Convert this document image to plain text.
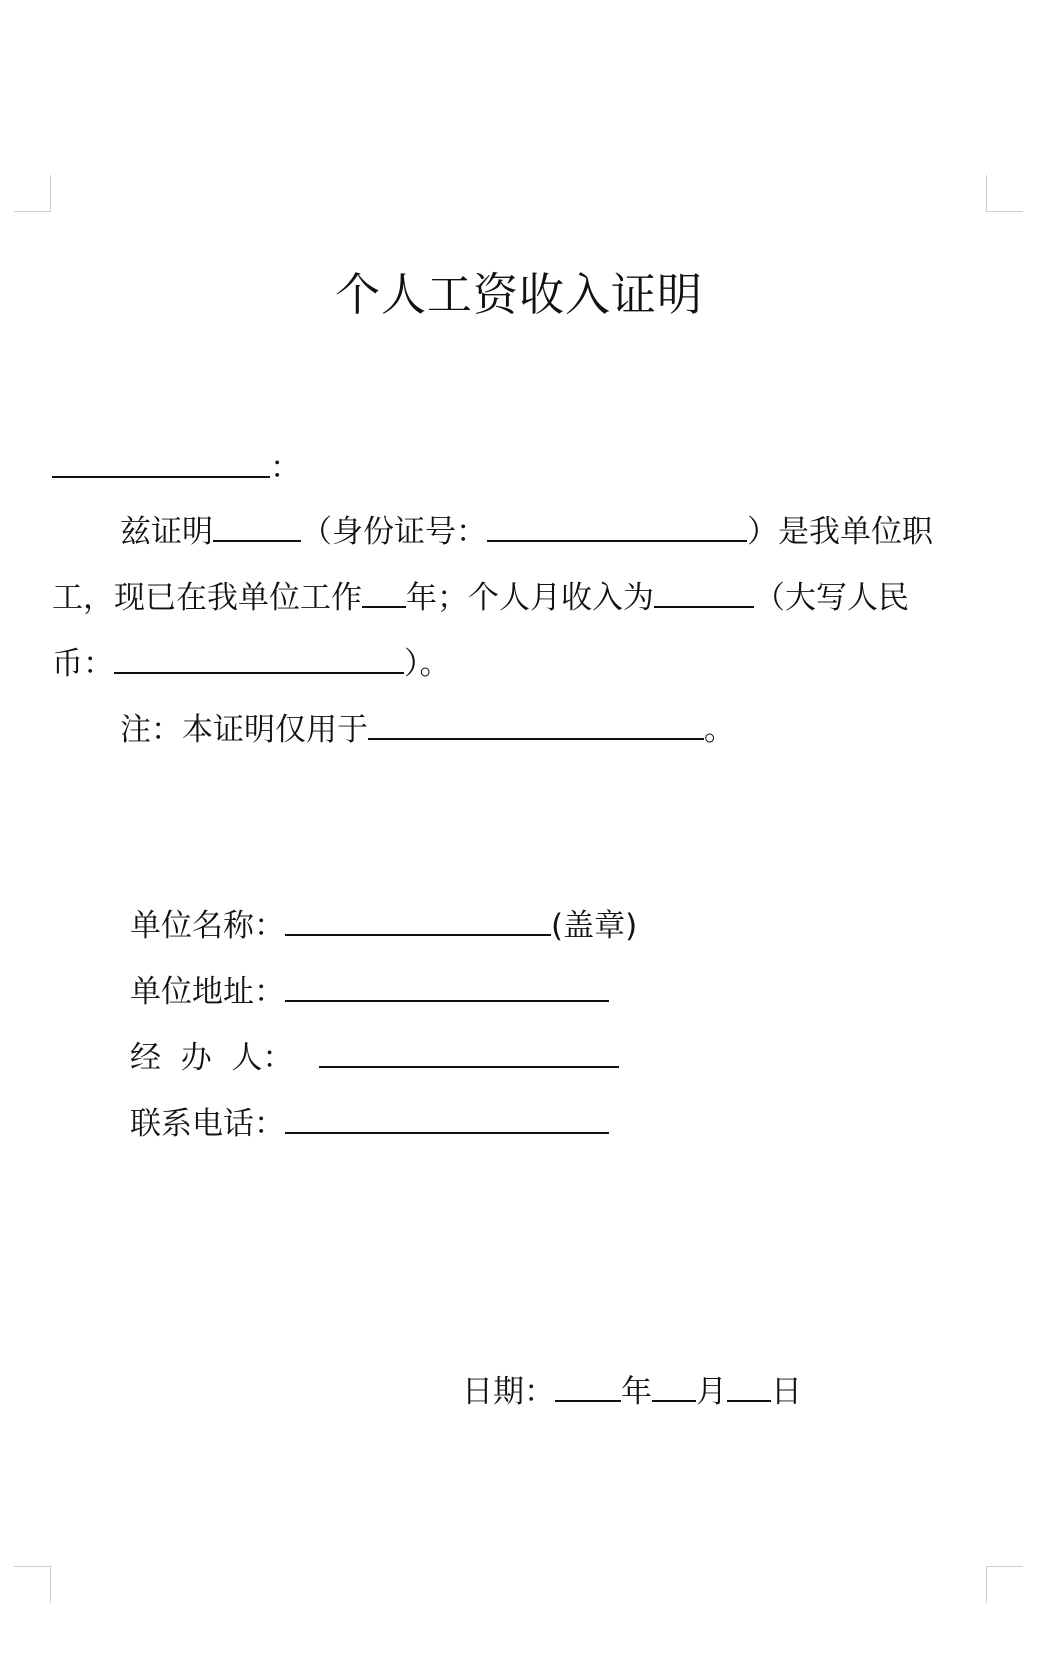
个人工资收入证明
：
兹证明	（身份证号：	）是我单位职
工，现已在我单位工作 年；个人月收入为	（大写人民
币：	）。
注：本证明仅用于	。
单位名称：	(盖章)
单位地址：
经  办  人：
联系电话：
日期： 年 月 日
